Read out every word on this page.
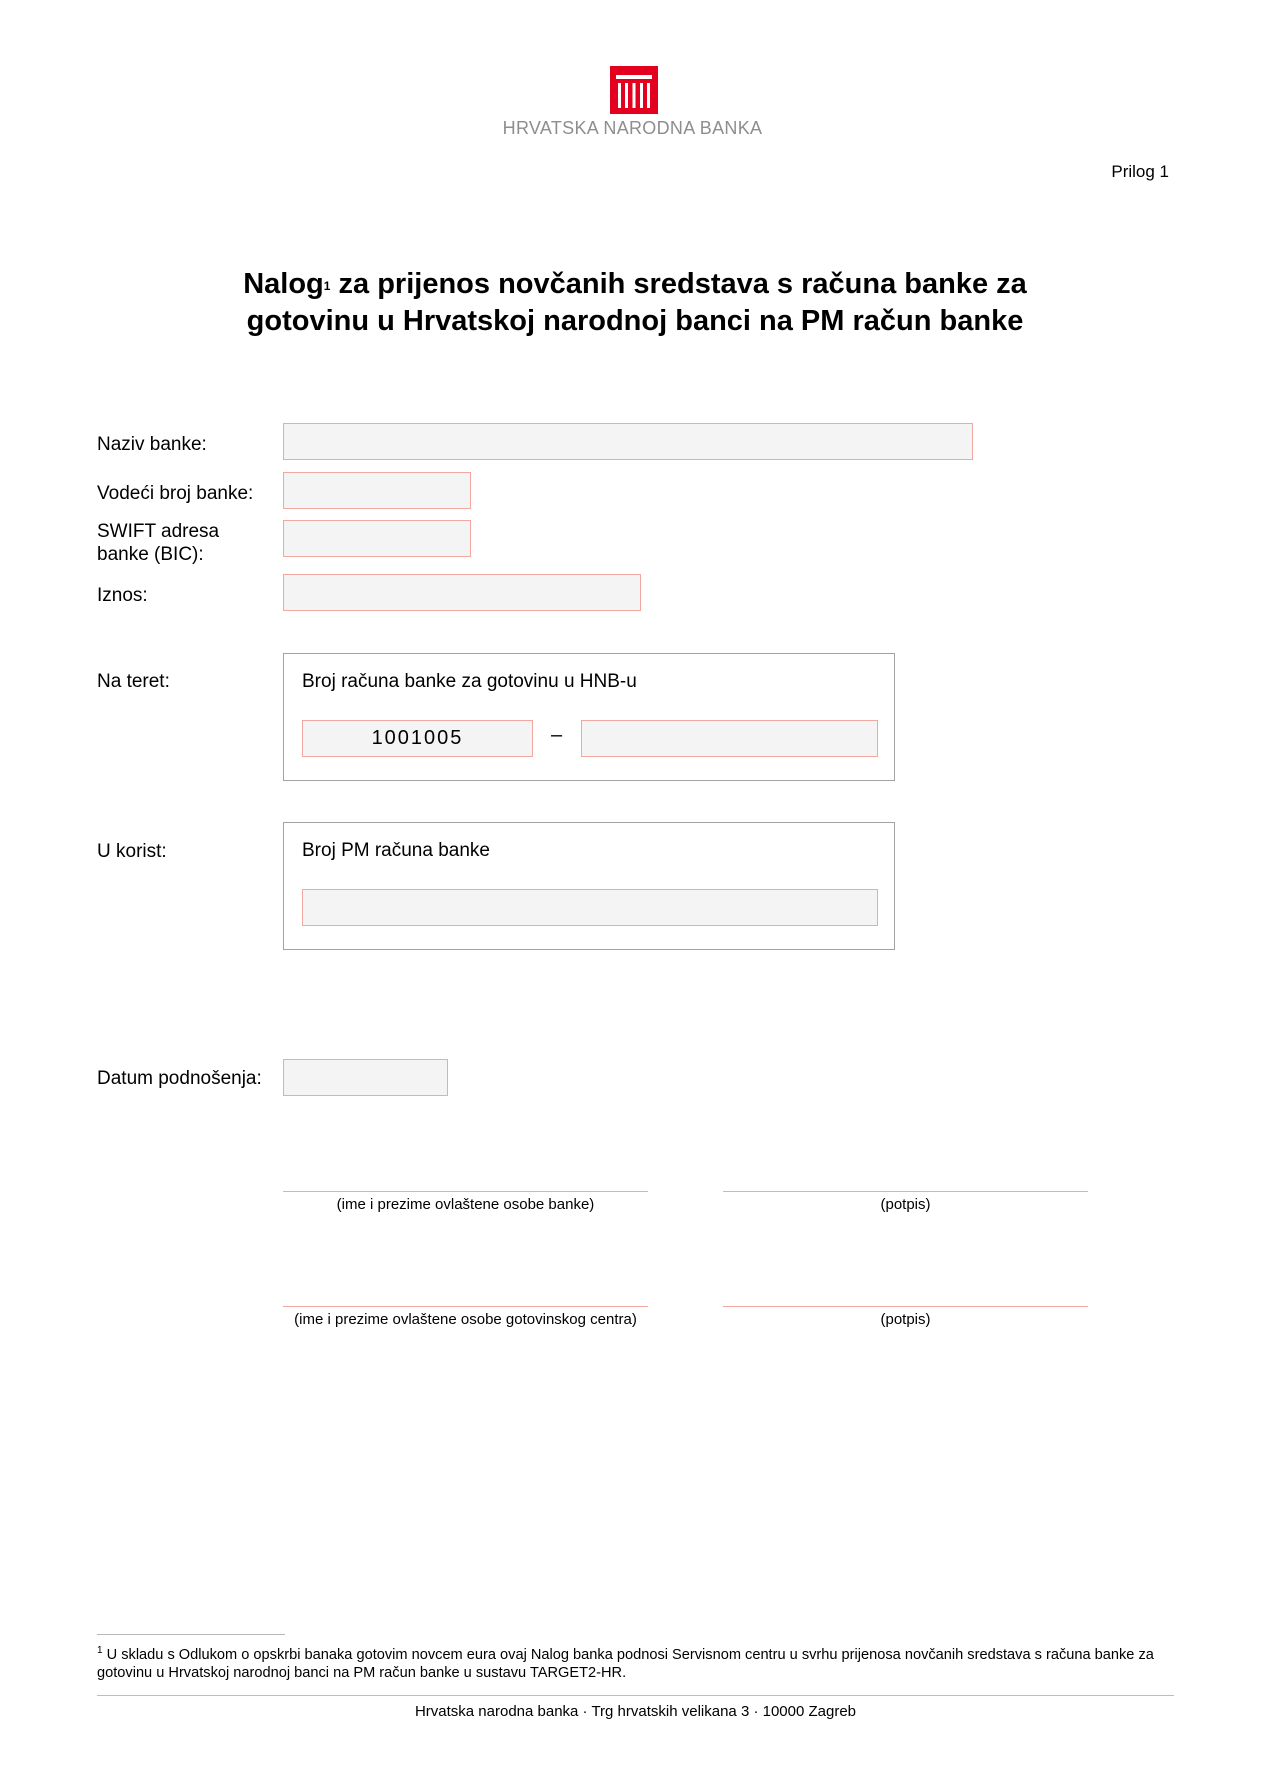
HRVATSKA NARODNA BANKA
Prilog 1
Nalog$^1$ za prijenos novčanih sredstava s računa banke za
gotovinu u Hrvatskoj narodnoj banci na PM račun banke
Naziv banke:
Vodeći broj banke:
SWIFT adresa
banke (BIC):
Iznos:
Na teret:	Broj računa banke za gotovinu u HNB-u
1001005	–
U korist:	Broj PM računa banke
Datum podnošenja:
(ime i prezime ovlaštene osobe banke)	(potpis)
(ime i prezime ovlaštene osobe gotovinskog centra)	(potpis)
$^1$ U skladu s Odlukom o opskrbi banaka gotovim novcem eura ovaj Nalog banka podnosi Servisnom centru u svrhu prijenosa novčanih sredstava s računa banke za gotovinu u Hrvatskoj narodnoj banci na PM račun banke u sustavu TARGET2-HR.
Hrvatska narodna banka · Trg hrvatskih velikana 3 · 10000 Zagreb
